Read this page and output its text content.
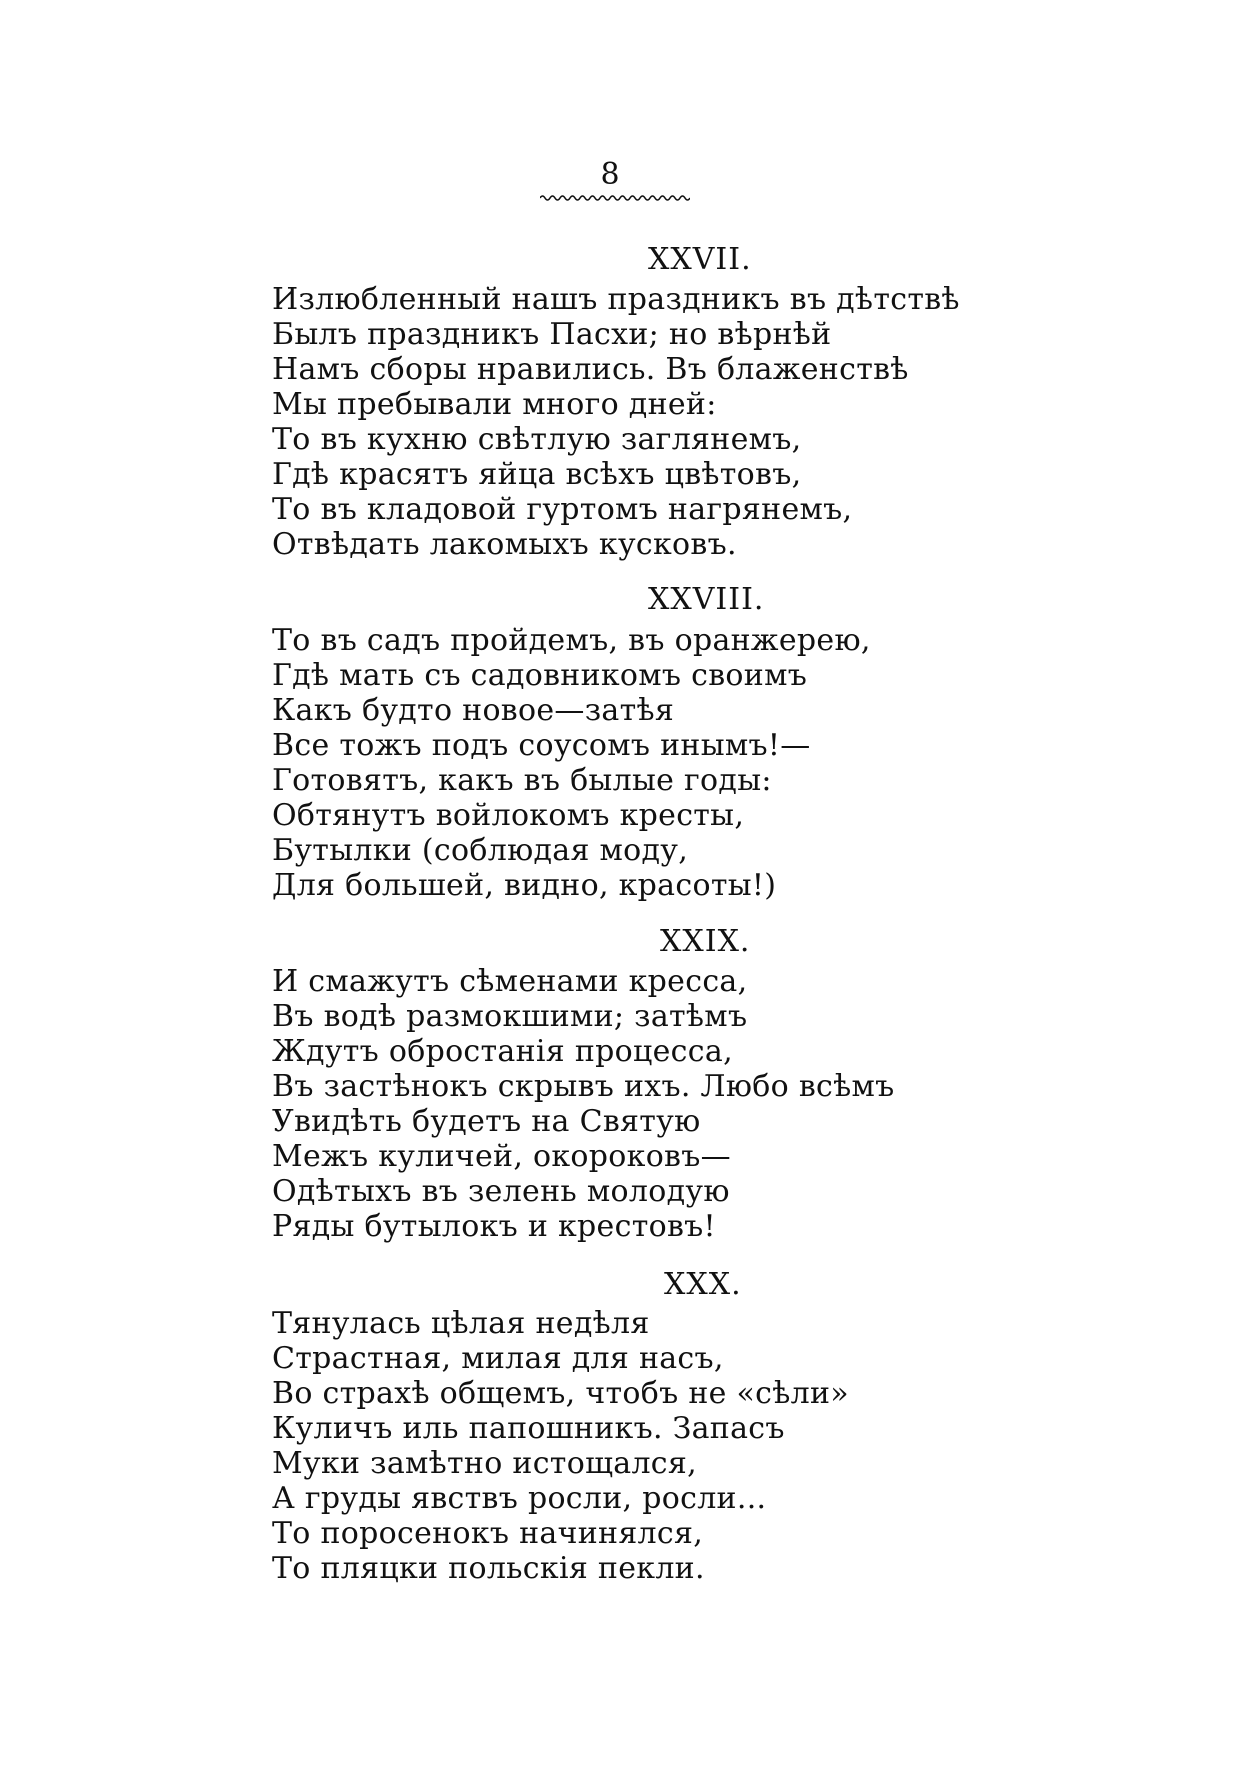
8
XXVII.
Излюбленный нашъ праздникъ въ дѣтствѣ
Былъ праздникъ Пасхи; но вѣрнѣй
Намъ сборы нравились. Въ блаженствѣ
Мы пребывали много дней:
То въ кухню свѣтлую заглянемъ,
Гдѣ красятъ яйца всѣхъ цвѣтовъ,
То въ кладовой гуртомъ нагрянемъ,
Отвѣдать лакомыхъ кусковъ.
XXVIII.
То въ садъ пройдемъ, въ оранжерею,
Гдѣ мать съ садовникомъ своимъ
Какъ будто новое—затѣя
Все тожъ подъ соусомъ инымъ!—
Готовятъ, какъ въ былые годы:
Обтянутъ войлокомъ кресты,
Бутылки (соблюдая моду,
Для большей, видно, красоты!)
XXIX.
И смажутъ сѣменами кресса,
Въ водѣ размокшими; затѣмъ
Ждутъ обростанія процесса,
Въ застѣнокъ скрывъ ихъ. Любо всѣмъ
Увидѣть будетъ на Святую
Межъ куличей, окороковъ—
Одѣтыхъ въ зелень молодую
Ряды бутылокъ и крестовъ!
XXX.
Тянулась цѣлая недѣля
Страстная, милая для насъ,
Во страхѣ общемъ, чтобъ не «сѣли»
Куличъ иль папошникъ. Запасъ
Муки замѣтно истощался,
А груды явствъ росли, росли...
То поросенокъ начинялся,
То пляцки польскія пекли.
